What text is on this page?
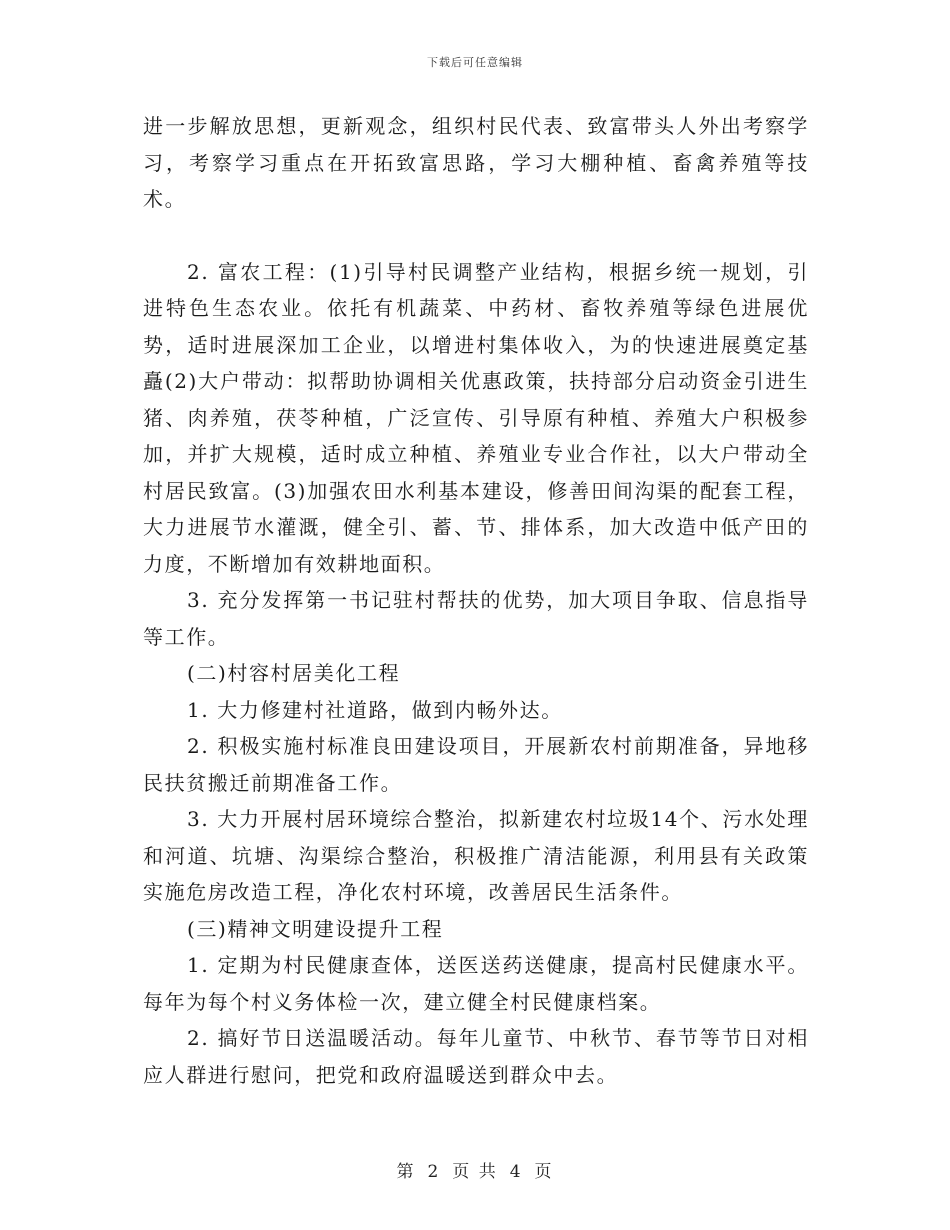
下载后可任意编辑

进一步解放思想，更新观念，组织村民代表、致富带头人外出考察学习，考察学习重点在开拓致富思路，学习大棚种植、畜禽养殖等技术。

2. 富农工程：(1)引导村民调整产业结构，根据乡统一规划，引进特色生态农业。依托有机蔬菜、中药材、畜牧养殖等绿色进展优势，适时进展深加工企业，以增进村集体收入，为的快速进展奠定基矗(2)大户带动：拟帮助协调相关优惠政策，扶持部分启动资金引进生猪、肉养殖，茯苓种植，广泛宣传、引导原有种植、养殖大户积极参加，并扩大规模，适时成立种植、养殖业专业合作社，以大户带动全村居民致富。(3)加强农田水利基本建设，修善田间沟渠的配套工程，大力进展节水灌溉，健全引、蓄、节、排体系，加大改造中低产田的力度，不断增加有效耕地面积。

3. 充分发挥第一书记驻村帮扶的优势，加大项目争取、信息指导等工作。

(二)村容村居美化工程

1. 大力修建村社道路，做到内畅外达。

2. 积极实施村标准良田建设项目，开展新农村前期准备，异地移民扶贫搬迁前期准备工作。

3. 大力开展村居环境综合整治，拟新建农村垃圾14个、污水处理和河道、坑塘、沟渠综合整治，积极推广清洁能源，利用县有关政策实施危房改造工程，净化农村环境，改善居民生活条件。

(三)精神文明建设提升工程

1. 定期为村民健康查体，送医送药送健康，提高村民健康水平。每年为每个村义务体检一次，建立健全村民健康档案。

2. 搞好节日送温暖活动。每年儿童节、中秋节、春节等节日对相应人群进行慰问，把党和政府温暖送到群众中去。

第 2 页 共 4 页
